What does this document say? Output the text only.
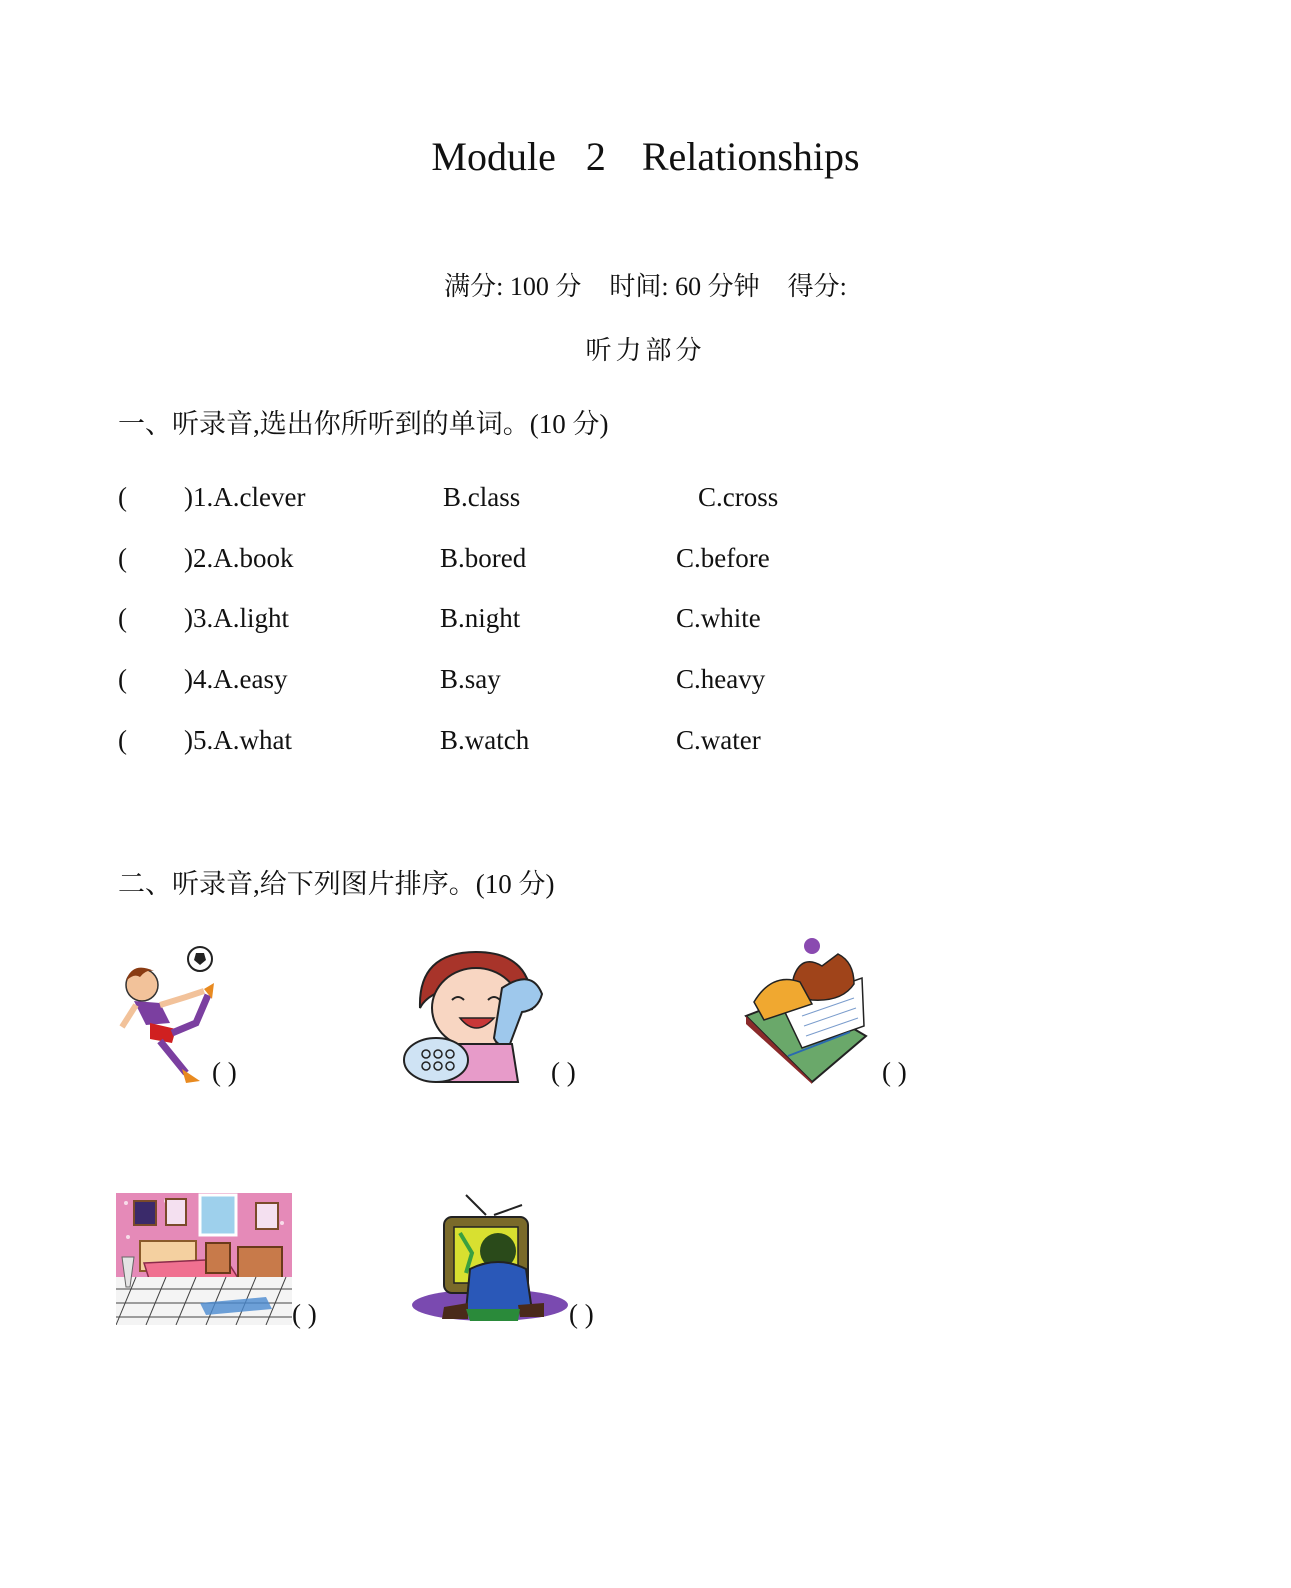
Module 2 Relationships
满分: 100 分 时间: 60 分钟 得分:
听力部分
一、听录音,选出你所听到的单词。(10 分)
( )1.A.clever	B.class	C.cross
( )2.A.book	B.bored	C.before
( )3.A.light	B.night	C.white
( )4.A.easy	B.say	C.heavy
( )5.A.what	B.watch	C.water
二、听录音,给下列图片排序。(10 分)
( )	( )	( )
( )	( )
